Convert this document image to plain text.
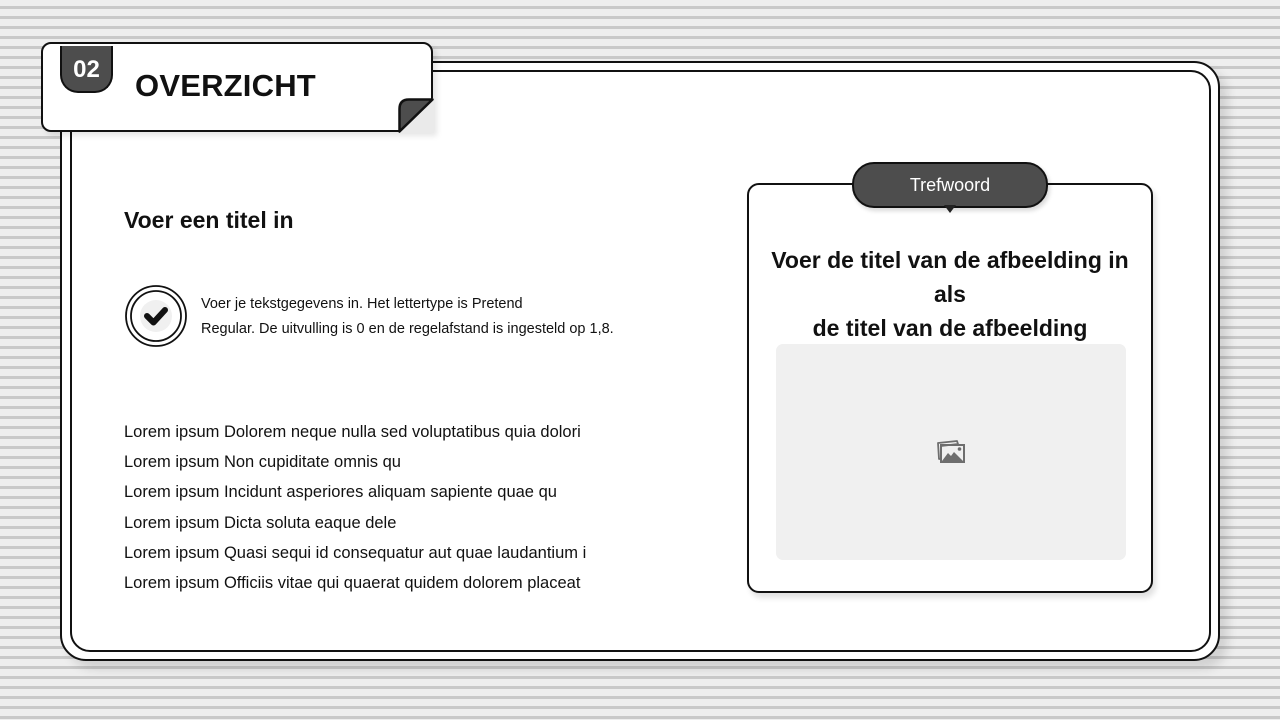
02	OVERZICHT
Voer een titel in
Voer je tekstgegevens in. Het lettertype is Pretend
Regular. De uitvulling is 0 en de regelafstand is ingesteld op 1,8.
Lorem ipsum Dolorem neque nulla sed voluptatibus quia dolori
Lorem ipsum Non cupiditate omnis qu
Lorem ipsum Incidunt asperiores aliquam sapiente quae qu
Lorem ipsum Dicta soluta eaque dele
Lorem ipsum Quasi sequi id consequatur aut quae laudantium i
Lorem ipsum Officiis vitae qui quaerat quidem dolorem placeat
Voer de titel van de afbeelding in als
de titel van de afbeelding
Trefwoord
